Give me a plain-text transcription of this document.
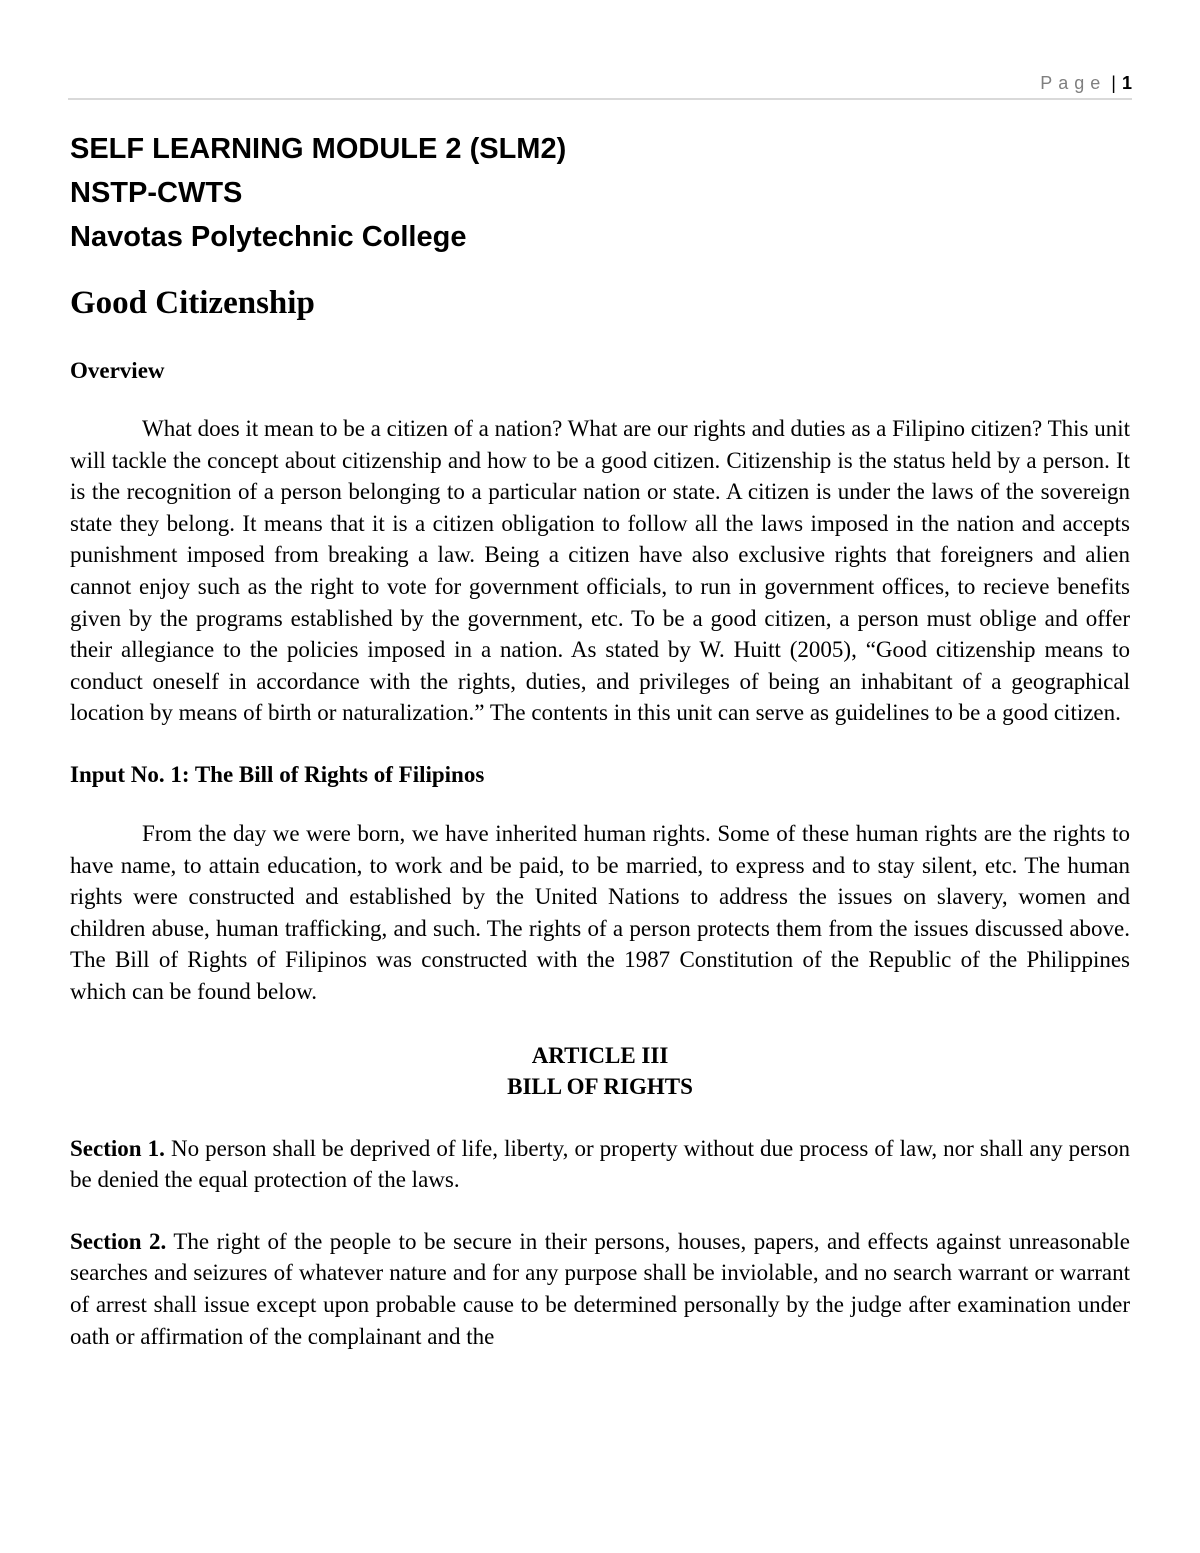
Page | 1

SELF LEARNING MODULE 2 (SLM2)

NSTP-CWTS

Navotas Polytechnic College

Good Citizenship
Overview

What does it mean to be a citizen of a nation? What are our rights and duties as a Filipino citizen? This unit will tackle the concept about citizenship and how to be a good citizen. Citizenship is the status held by a person. It is the recognition of a person belonging to a particular nation or state. A citizen is under the laws of the sovereign state they belong. It means that it is a citizen obligation to follow all the laws imposed in the nation and accepts punishment imposed from breaking a law. Being a citizen have also exclusive rights that foreigners and alien cannot enjoy such as the right to vote for government officials, to run in government offices, to recieve benefits given by the programs established by the government, etc. To be a good citizen, a person must oblige and offer their allegiance to the policies imposed in a nation. As stated by W. Huitt (2005), “Good citizenship means to conduct oneself in accordance with the rights, duties, and privileges of being an inhabitant of a geographical location by means of birth or naturalization.” The contents in this unit can serve as guidelines to be a good citizen.

Input No. 1: The Bill of Rights of Filipinos

From the day we were born, we have inherited human rights. Some of these human rights are the rights to have name, to attain education, to work and be paid, to be married, to express and to stay silent, etc. The human rights were constructed and established by the United Nations to address the issues on slavery, women and children abuse, human trafficking, and such. The rights of a person protects them from the issues discussed above. The Bill of Rights of Filipinos was constructed with the 1987 Constitution of the Republic of the Philippines which can be found below.

ARTICLE III

BILL OF RIGHTS

Section 1. No person shall be deprived of life, liberty, or property without due process of law, nor shall any person be denied the equal protection of the laws.

Section 2. The right of the people to be secure in their persons, houses, papers, and effects against unreasonable searches and seizures of whatever nature and for any purpose shall be inviolable, and no search warrant or warrant of arrest shall issue except upon probable cause to be determined personally by the judge after examination under oath or affirmation of the complainant and the
